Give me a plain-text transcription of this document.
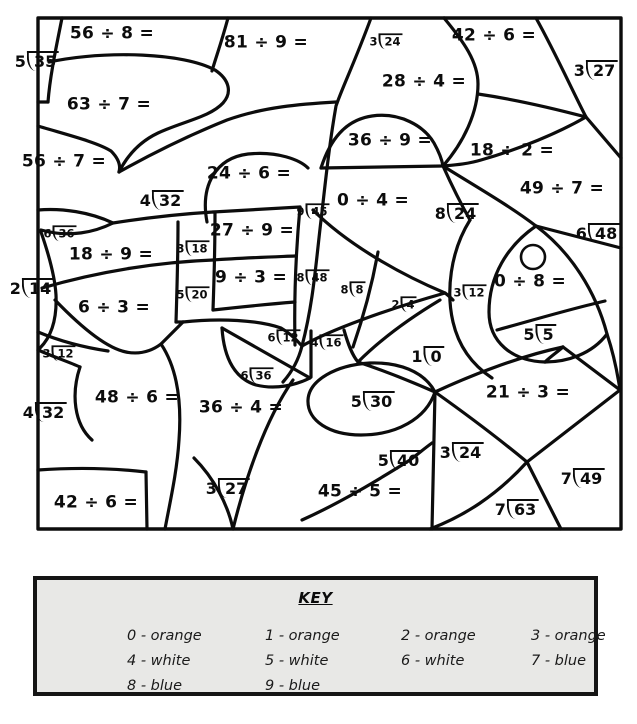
56 ÷ 8 =
5 35
81 ÷ 9 =	3 24	42 ÷ 6 =
3 27
63 ÷ 7 =
28 ÷ 4 =
56 ÷ 7 =
36 ÷ 9 = 18 ÷ 2 =
24 ÷ 6 =
49 ÷ 7 =
4 32
9 45
0 ÷ 4 =
8 24
6 48
6 36	27 ÷ 9 =
3 18
18 ÷ 9 =
9 ÷ 3 = 8 48
8 8
2 14	5 20
2 4
3 12
0 ÷ 8 =
6 ÷ 3 =
5 5
3 12
6 12 4 16
1 0
6 36
48 ÷ 6 =	5 30	21 ÷ 3 =
4 32	36 ÷ 4 =
5 40 3 24
3 27
7 49
42 ÷ 6 =
45 ÷ 5 =
7 63
KEY
0 - orange	1 - orange	2 - orange	3 - orange
4 - white	5 - white	6 - white	7 - blue
8 - blue	9 - blue
